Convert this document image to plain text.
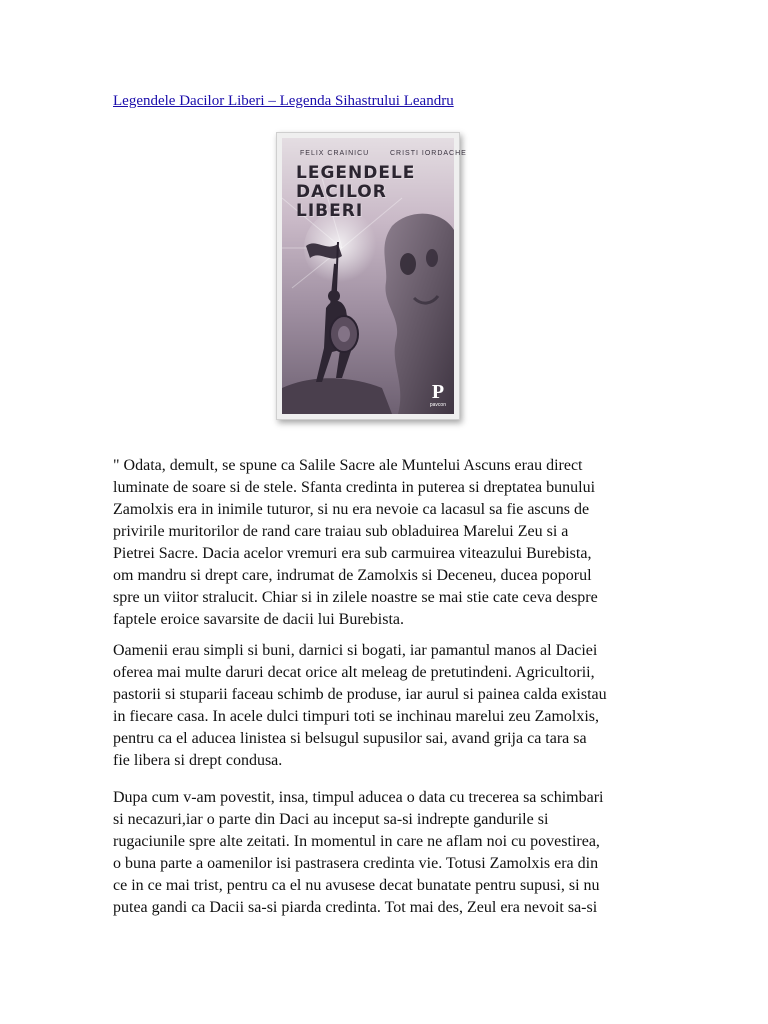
Legendele Dacilor Liberi – Legenda Sihastrului Leandru
FELIX CRAINICU	CRISTI IORDACHE
LEGENDELE
DACILOR
LIBERI
P
pavcon

" Odata, demult, se spune ca Salile Sacre ale Muntelui Ascuns erau direct
luminate de soare si de stele. Sfanta credinta in puterea si dreptatea bunului
Zamolxis era in inimile tuturor, si nu era nevoie ca lacasul sa fie ascuns de
privirile muritorilor de rand care traiau sub obladuirea Marelui Zeu si a
Pietrei Sacre. Dacia acelor vremuri era sub carmuirea viteazului Burebista,
om mandru si drept care, indrumat de Zamolxis si Deceneu, ducea poporul
spre un viitor stralucit. Chiar si in zilele noastre se mai stie cate ceva despre
faptele eroice savarsite de dacii lui Burebista.

Oamenii erau simpli si buni, darnici si bogati, iar pamantul manos al Daciei
oferea mai multe daruri decat orice alt meleag de pretutindeni. Agricultorii,
pastorii si stuparii faceau schimb de produse, iar aurul si painea calda existau
in fiecare casa. In acele dulci timpuri toti se inchinau marelui zeu Zamolxis,
pentru ca el aducea linistea si belsugul supusilor sai, avand grija ca tara sa
fie libera si drept condusa.

Dupa cum v-am povestit, insa, timpul aducea o data cu trecerea sa schimbari
si necazuri,iar o parte din Daci au inceput sa-si indrepte gandurile si
rugaciunile spre alte zeitati. In momentul in care ne aflam noi cu povestirea,
o buna parte a oamenilor isi pastrasera credinta vie. Totusi Zamolxis era din
ce in ce mai trist, pentru ca el nu avusese decat bunatate pentru supusi, si nu
putea gandi ca Dacii sa-si piarda credinta. Tot mai des, Zeul era nevoit sa-si
